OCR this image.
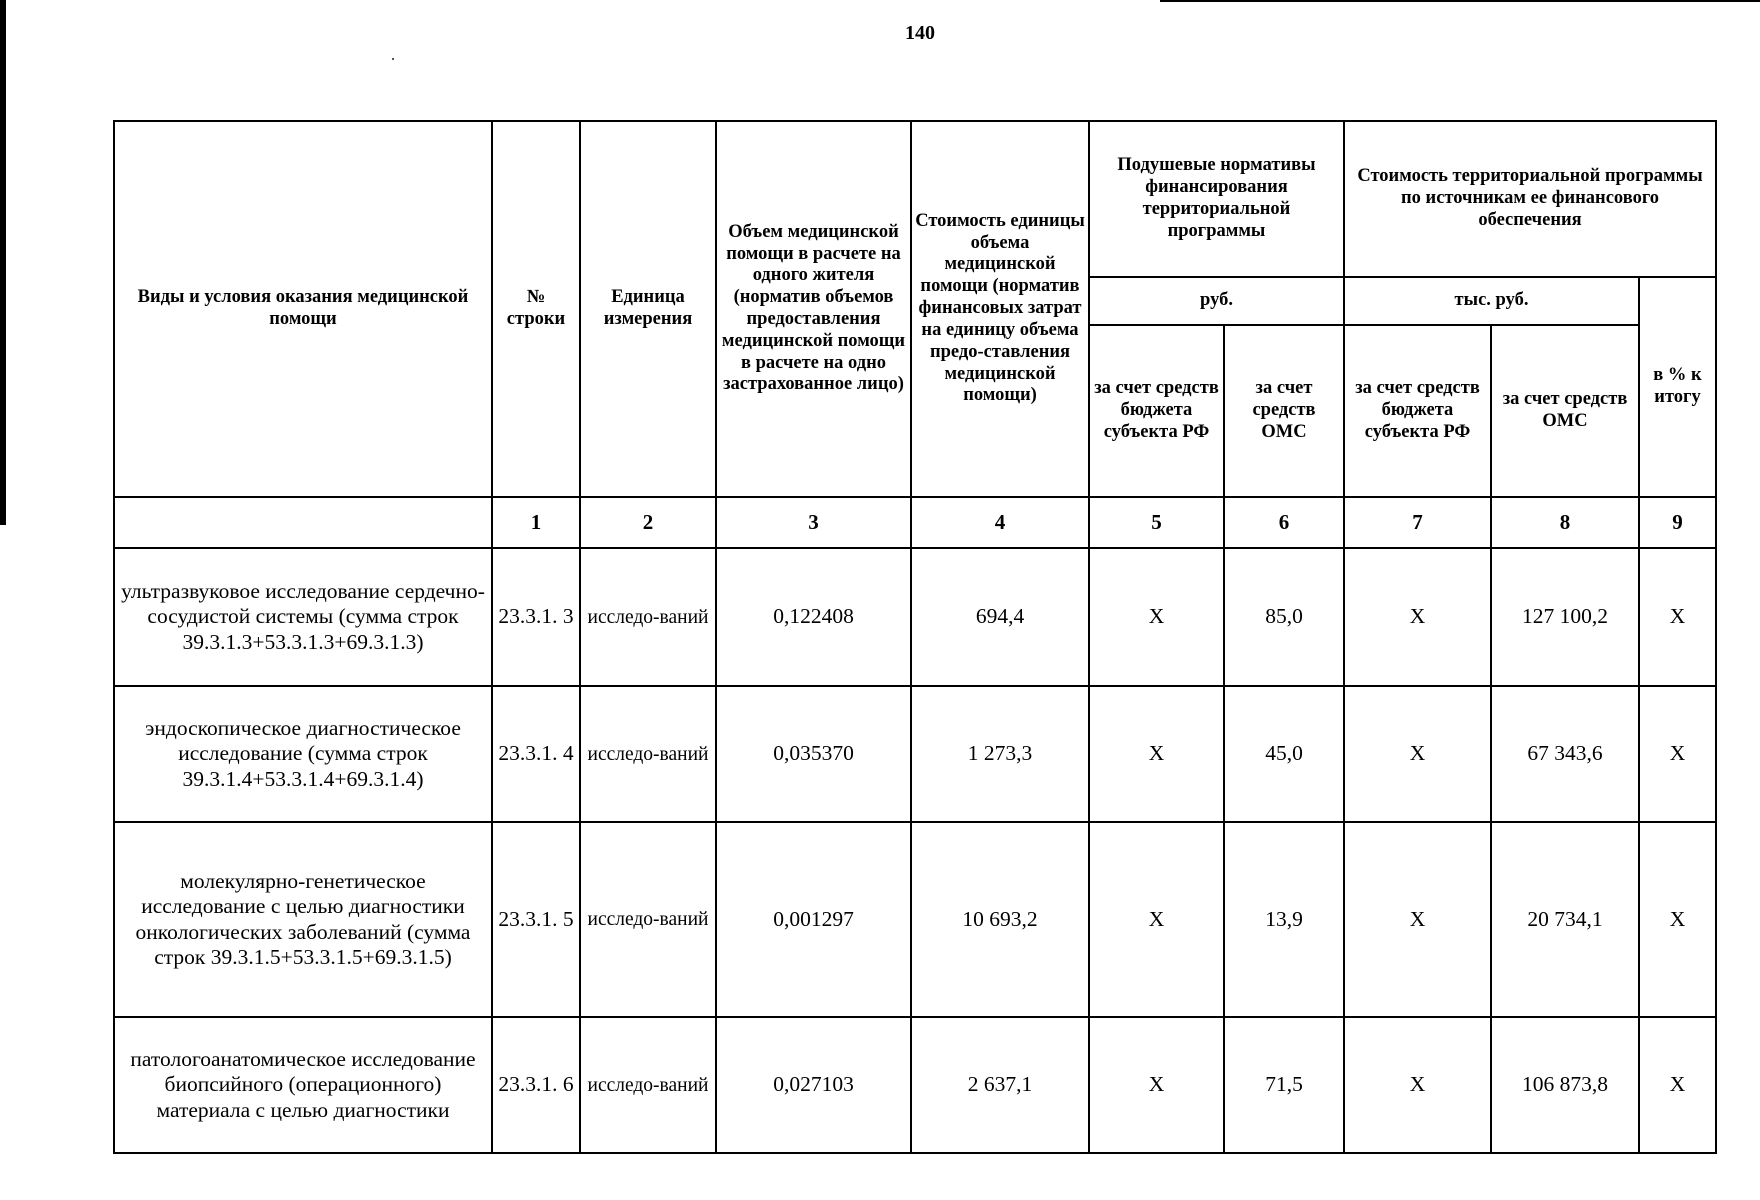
140
Виды и условия оказания медицинской помощи	№ строки	Единица измерения	Объем медицинской помощи в расчете на одного жителя (норматив объемов предоставления медицинской помощи в расчете на одно застрахованное лицо)	Стоимость единицы объема медицинской помощи (норматив финансовых затрат на единицу объема предо-ставления медицинской помощи)	Подушевые нормативы финансирования территориальной программы		Стоимость территориальной программы по источникам ее финансового обеспечения		
					руб.		тыс. руб.		в % к итогу
					за счет средств бюджета субъекта РФ	за счет средств ОМС	за счет средств бюджета субъекта РФ	за счет средств ОМС	
	1	2	3	4	5	6	7	8	9
ультразвуковое исследование сердечно-сосудистой системы (сумма строк 39.3.1.3+53.3.1.3+69.3.1.3)	23.3.1. 3	исследо-ваний	0,122408	694,4	X	85,0	X	127 100,2	X
эндоскопическое диагностическое исследование (сумма строк 39.3.1.4+53.3.1.4+69.3.1.4)	23.3.1. 4	исследо-ваний	0,035370	1 273,3	X	45,0	X	67 343,6	X
молекулярно-генетическое исследование с целью диагностики онкологических заболеваний (сумма строк 39.3.1.5+53.3.1.5+69.3.1.5)	23.3.1. 5	исследо-ваний	0,001297	10 693,2	X	13,9	X	20 734,1	X
патологоанатомическое исследование биопсийного (операционного) материала с целью диагностики	23.3.1. 6	исследо-ваний	0,027103	2 637,1	X	71,5	X	106 873,8	X
